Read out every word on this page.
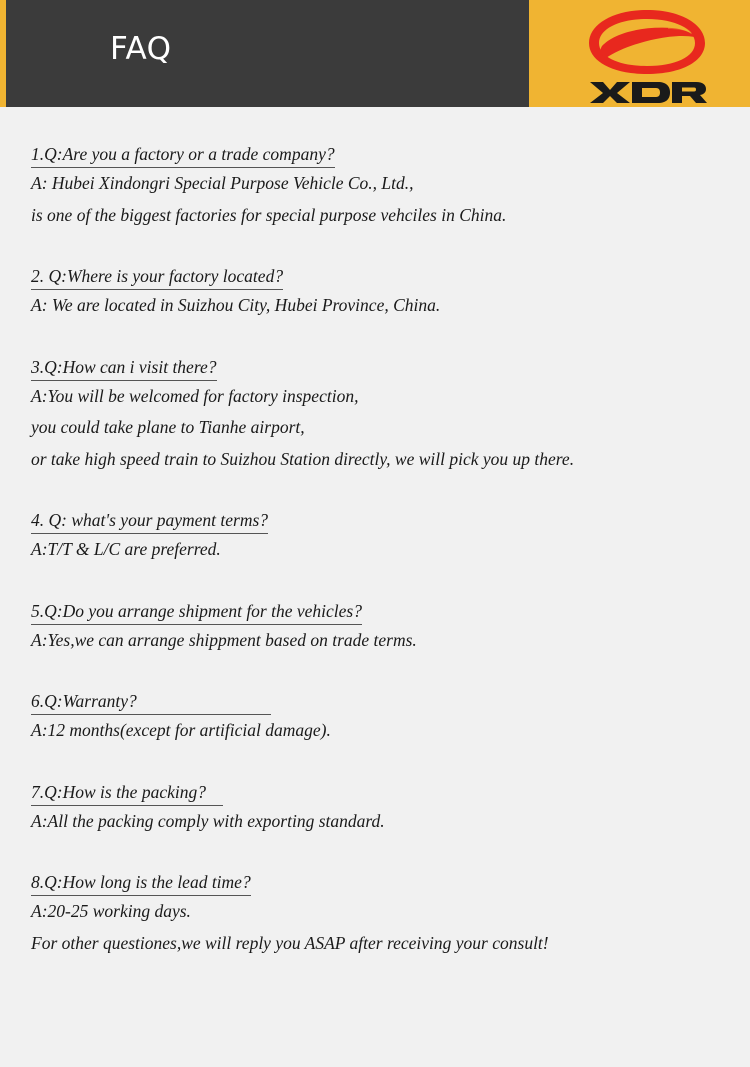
FAQ
1.Q:Are you a factory or a trade company?
A: Hubei Xindongri Special Purpose Vehicle Co., Ltd.,
is one of the biggest factories for special purpose vehciles in China.
2. Q:Where is your factory located?
A: We are located in Suizhou City, Hubei Province, China.
3.Q:How can i visit there?
A:You will be welcomed for factory inspection,
you could take plane to Tianhe airport,
or take high speed train to Suizhou Station directly, we will pick you up there.
4. Q: what's your payment terms?
A:T/T & L/C are preferred.
5.Q:Do you arrange shipment for the vehicles?
A:Yes,we can arrange shippment based on trade terms.
6.Q:Warranty?
A:12 months(except for artificial damage).
7.Q:How is the packing?
A:All the packing comply with exporting standard.
8.Q:How long is the lead time?
A:20-25 working days.
For other questiones,we will reply you ASAP after receiving your consult!
